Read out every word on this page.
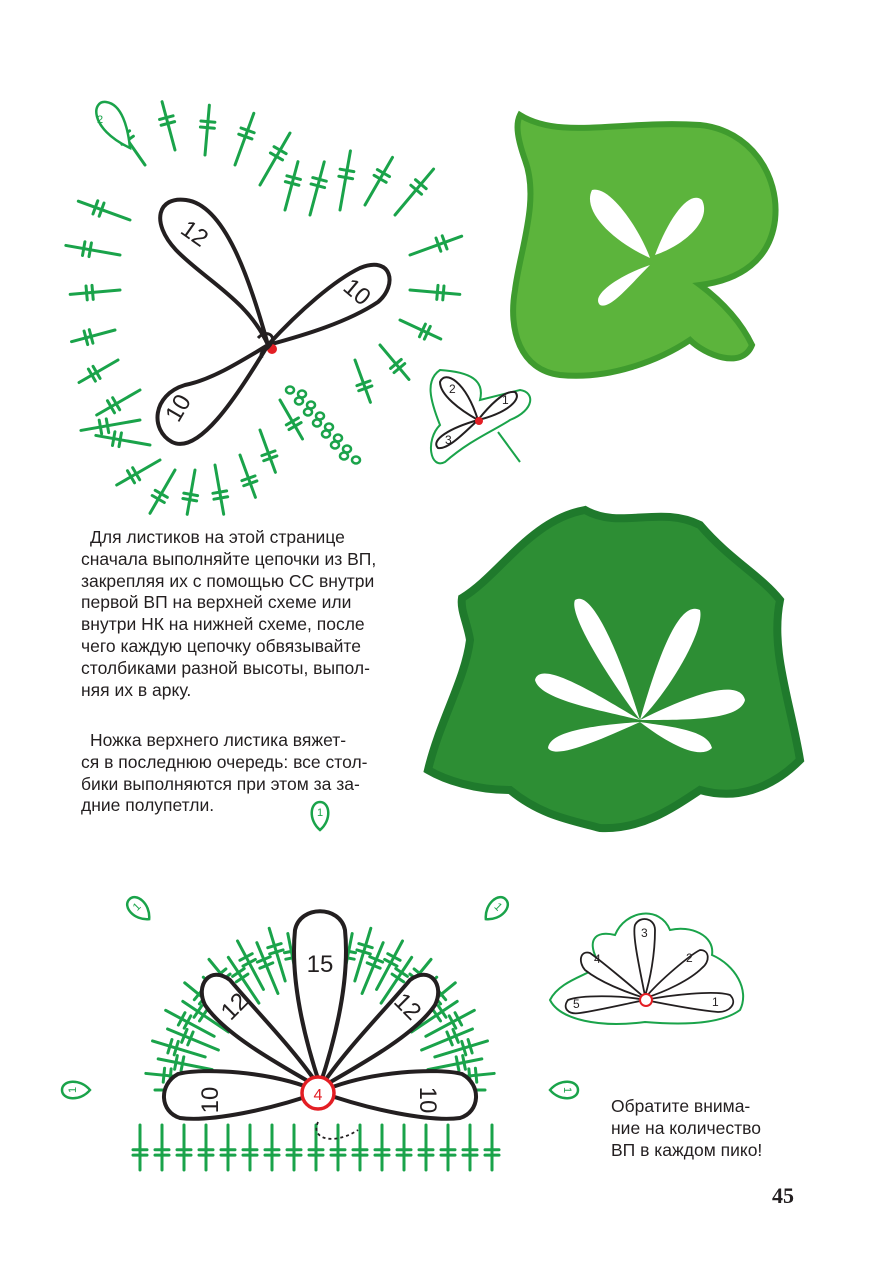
2
12
10
10
2
1
3
Для листиков на этой странице
сначала выполняйте цепочки из ВП,
закрепляя их с помощью СС внутри
первой ВП на верхней схеме или
внутри НК на нижней схеме, после
чего каждую цепочку обвязывайте
столбиками разной высоты, выпол-
няя их в арку.
Ножка верхнего листика вяжет-
ся в последнюю очередь: все стол-
бики выполняются при этом за за-
дние полупетли.
Обратите внима-
ние на количество
ВП в каждом пико!
1
1	1
1	1
10
12
15
12
10
4
5
4
3
2
1
45
